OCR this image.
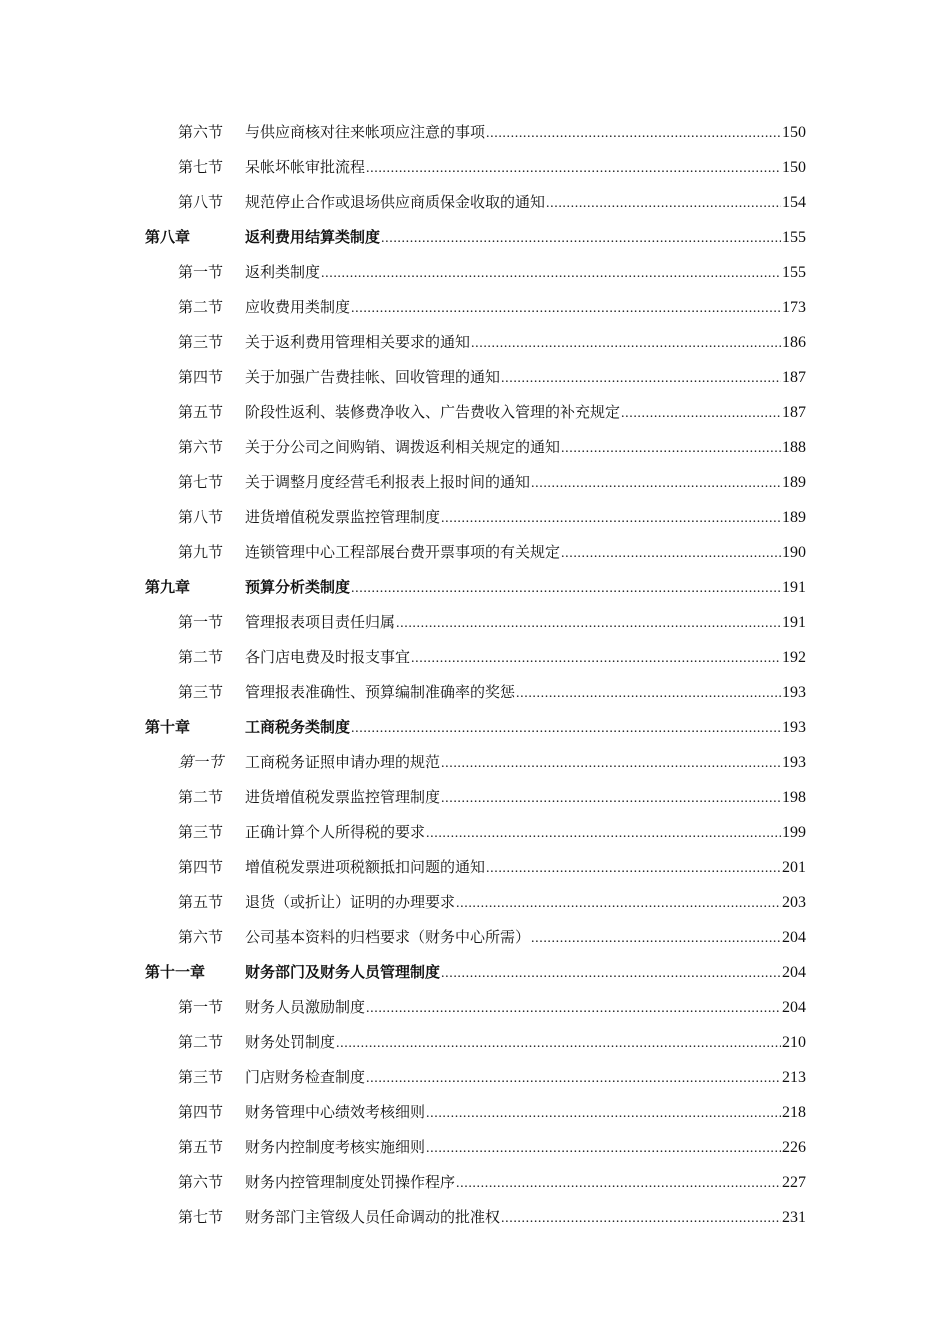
第六节 与供应商核对往来帐项应注意的事项 .....	150
第七节 呆帐坏帐审批流程 .....	150
第八节 规范停止合作或退场供应商质保金收取的通知 .....	154
第八章	返利费用结算类制度 .....	155
第一节 返利类制度 .....	155
第二节 应收费用类制度 .....	173
第三节 关于返利费用管理相关要求的通知 .....	186
第四节 关于加强广告费挂帐、回收管理的通知 .....	187
第五节 阶段性返利、装修费净收入、广告费收入管理的补充规定 .....	187
第六节 关于分公司之间购销、调拨返利相关规定的通知 .....	188
第七节 关于调整月度经营毛利报表上报时间的通知 .....	189
第八节 进货增值税发票监控管理制度 .....	189
第九节 连锁管理中心工程部展台费开票事项的有关规定 .....	190
第九章	预算分析类制度 .....	191
第一节 管理报表项目责任归属 .....	191
第二节 各门店电费及时报支事宜 .....	192
第三节 管理报表准确性、预算编制准确率的奖惩 .....	193
第十章	工商税务类制度 .....	193
第一节 工商税务证照申请办理的规范 .....	193
第二节 进货增值税发票监控管理制度 .....	198
第三节 正确计算个人所得税的要求 .....	199
第四节 增值税发票进项税额抵扣问题的通知 .....	201
第五节 退货（或折让）证明的办理要求 .....	203
第六节 公司基本资料的归档要求（财务中心所需） .....	204
第十一章	财务部门及财务人员管理制度 .....	204
第一节 财务人员激励制度 .....	204
第二节 财务处罚制度 .....	210
第三节 门店财务检查制度 .....	213
第四节 财务管理中心绩效考核细则 .....	218
第五节 财务内控制度考核实施细则 .....	226
第六节 财务内控管理制度处罚操作程序 .....	227
第七节 财务部门主管级人员任命调动的批准权 .....	231
